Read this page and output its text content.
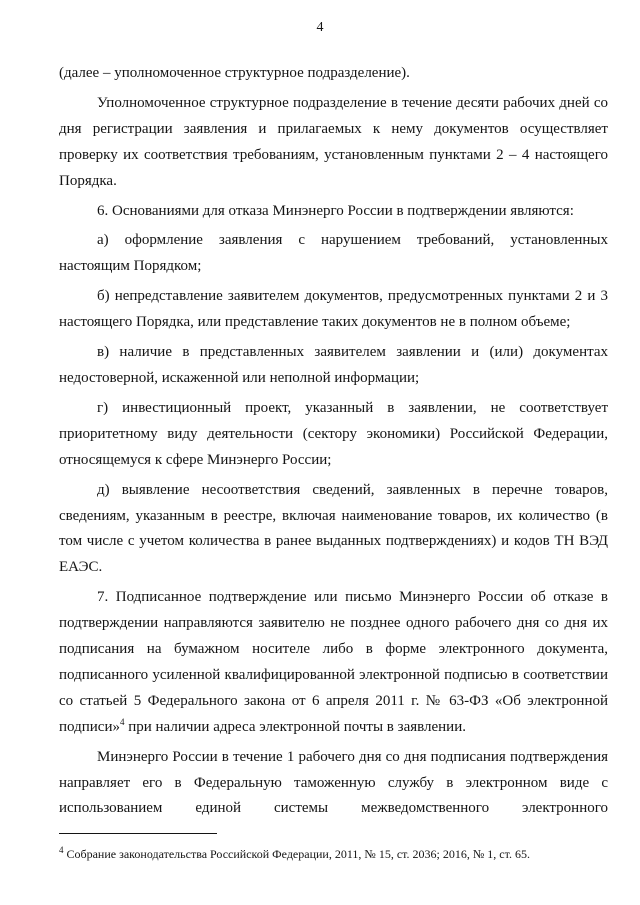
4

(далее – уполномоченное структурное подразделение).

Уполномоченное структурное подразделение в течение десяти рабочих дней со дня регистрации заявления и прилагаемых к нему документов осуществляет проверку их соответствия требованиям, установленным пунктами 2 – 4 настоящего Порядка.

6. Основаниями для отказа Минэнерго России в подтверждении являются:

а) оформление заявления с нарушением требований, установленных настоящим Порядком;

б) непредставление заявителем документов, предусмотренных пунктами 2 и 3 настоящего Порядка, или представление таких документов не в полном объеме;

в) наличие в представленных заявителем заявлении и (или) документах недостоверной, искаженной или неполной информации;

г) инвестиционный проект, указанный в заявлении, не соответствует приоритетному виду деятельности (сектору экономики) Российской Федерации, относящемуся к сфере Минэнерго России;

д) выявление несоответствия сведений, заявленных в перечне товаров, сведениям, указанным в реестре, включая наименование товаров, их количество (в том числе с учетом количества в ранее выданных подтверждениях) и кодов ТН ВЭД ЕАЭС.

7. Подписанное подтверждение или письмо Минэнерго России об отказе в подтверждении направляются заявителю не позднее одного рабочего дня со дня их подписания на бумажном носителе либо в форме электронного документа, подписанного усиленной квалифицированной электронной подписью в соответствии со статьей 5 Федерального закона от 6 апреля 2011 г. № 63-ФЗ «Об электронной подписи»$^4$ при наличии адреса электронной почты в заявлении.

Минэнерго России в течение 1 рабочего дня со дня подписания подтверждения направляет его в Федеральную таможенную службу в электронном виде с использованием единой системы межведомственного электронного

$^4$ Собрание законодательства Российской Федерации, 2011, № 15, ст. 2036; 2016, № 1, ст. 65.
